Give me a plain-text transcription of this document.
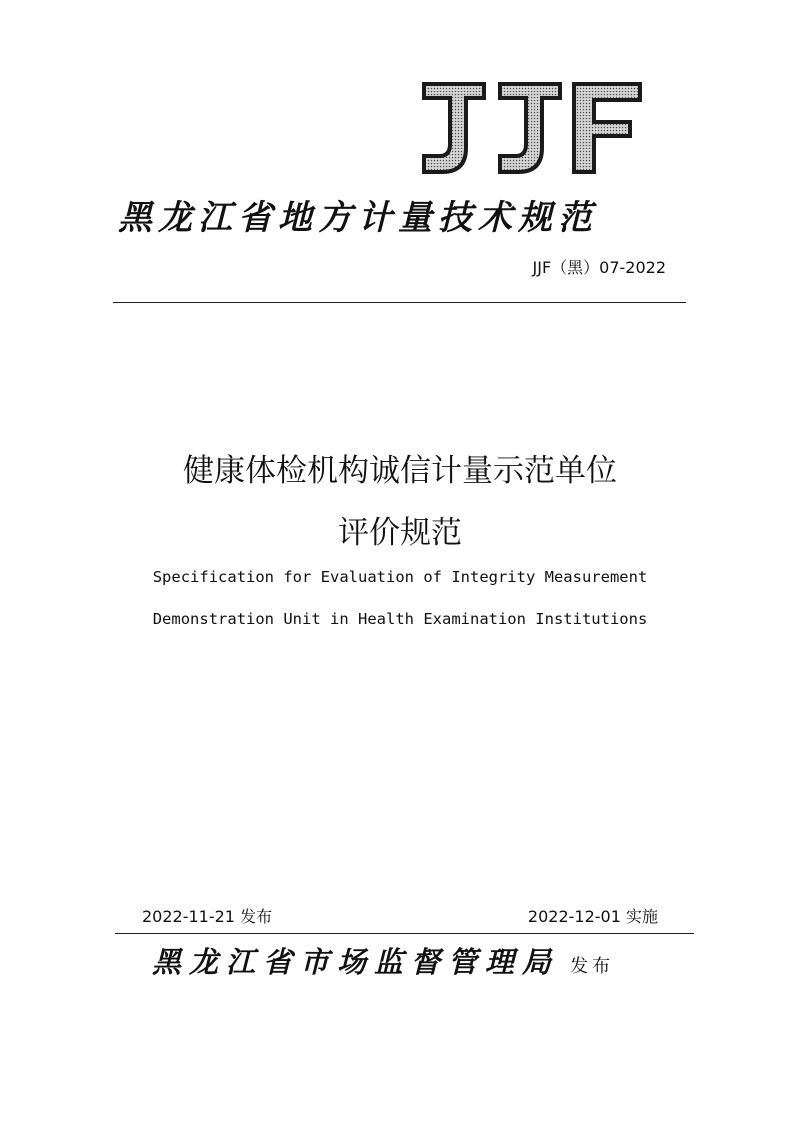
黑龙江省地方计量技术规范
JJF（黑）07-2022
健康体检机构诚信计量示范单位
评价规范
Specification for Evaluation of Integrity Measurement
Demonstration Unit in Health Examination Institutions
2022-11-21 发布	2022-12-01 实施
黑龙江省市场监督管理局 发布
